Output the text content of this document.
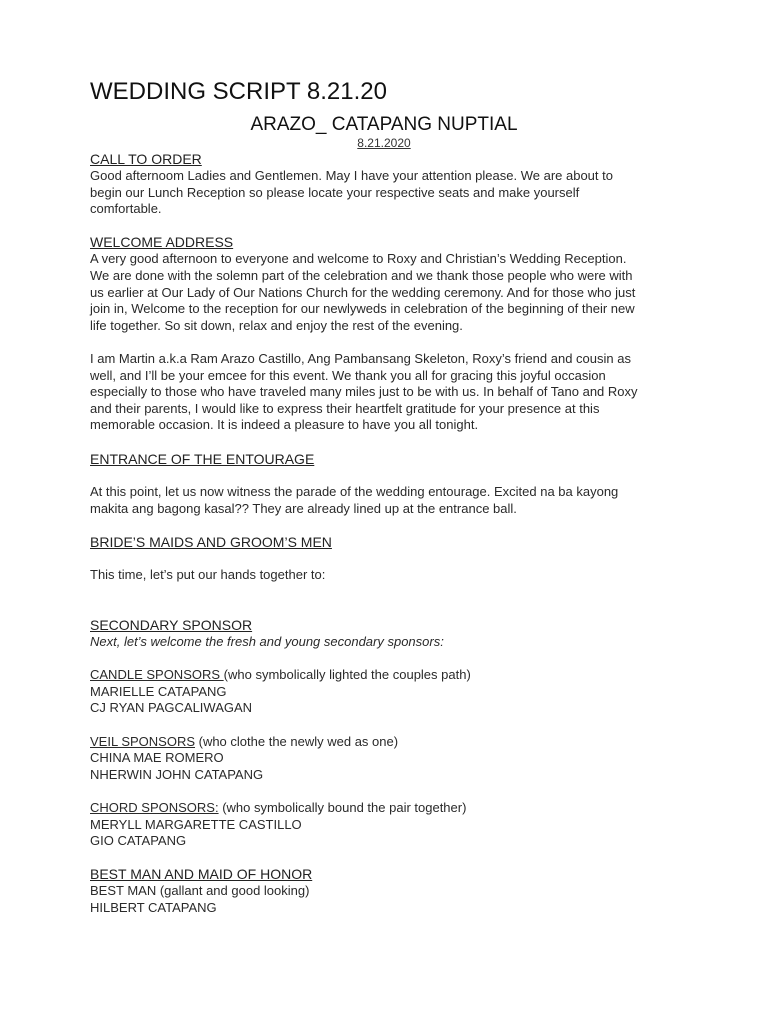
WEDDING SCRIPT 8.21.20
ARAZO_ CATAPANG NUPTIAL
8.21.2020

CALL TO ORDER

Good afternoom Ladies and Gentlemen. May I have your attention please. We are about to

begin our Lunch Reception so please locate your respective seats and make yourself

comfortable.

WELCOME ADDRESS

A very good afternoon to everyone and welcome to Roxy and Christian’s Wedding Reception.

We are done with the solemn part of the celebration and we thank those people who were with

us earlier at Our Lady of Our Nations Church for the wedding ceremony. And for those who just

join in, Welcome to the reception for our newlyweds in celebration of the beginning of their new

life together. So sit down, relax and enjoy the rest of the evening.

I am Martin a.k.a Ram Arazo Castillo, Ang Pambansang Skeleton, Roxy’s friend and cousin as

well, and I’ll be your emcee for this event. We thank you all for gracing this joyful occasion

especially to those who have traveled many miles just to be with us. In behalf of Tano and Roxy

and their parents, I would like to express their heartfelt gratitude for your presence at this

memorable occasion. It is indeed a pleasure to have you all tonight.

ENTRANCE OF THE ENTOURAGE

At this point, let us now witness the parade of the wedding entourage. Excited na ba kayong

makita ang bagong kasal?? They are already lined up at the entrance ball.

BRIDE’S MAIDS AND GROOM’S MEN

This time, let’s put our hands together to:

SECONDARY SPONSOR

Next, let’s welcome the fresh and young secondary sponsors:

CANDLE SPONSORS (who symbolically lighted the couples path)

MARIELLE CATAPANG

CJ RYAN PAGCALIWAGAN

VEIL SPONSORS (who clothe the newly wed as one)

CHINA MAE ROMERO

NHERWIN JOHN CATAPANG

CHORD SPONSORS: (who symbolically bound the pair together)

MERYLL MARGARETTE CASTILLO

GIO CATAPANG

BEST MAN AND MAID OF HONOR

BEST MAN (gallant and good looking)

HILBERT CATAPANG
